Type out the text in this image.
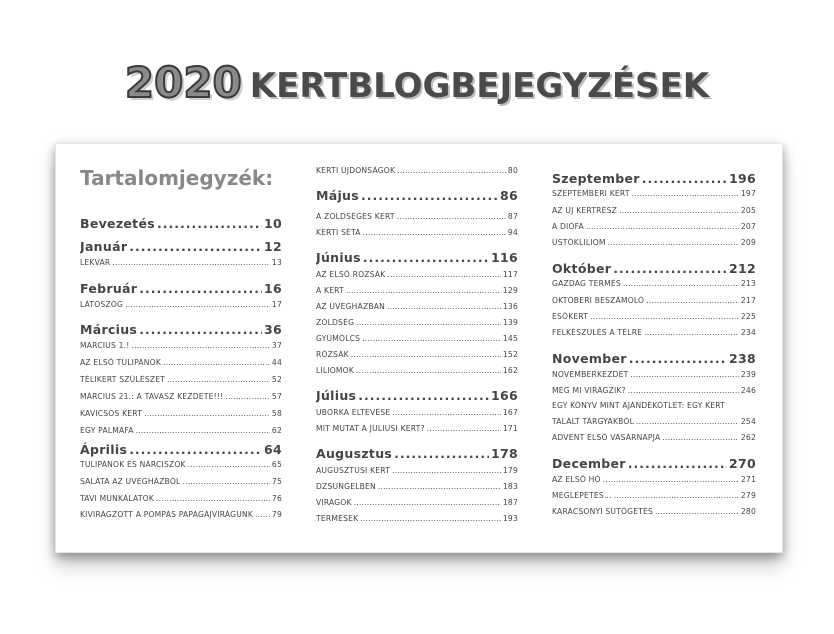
2020 KERTBLOGBEJEGYZÉSEK
Tartalomjegyzék:
Bevezetés .....	10
Január .....	12
LEKVÁR .....	13
Február .....	16
LÁTÓSZÖG .....	17
Március .....	36
MÁRCIUS 1.! .....	37
AZ ELSŐ TULIPÁNOK .....	44
TÉLIKERT SZÜLÉSZET .....	52
MÁRCIUS 21.: A TAVASZ KEZDETE!!! .....	57
KAVICSOS KERT .....	58
EGY PÁLMAFA .....	62
Április .....	64
TULIPÁNOK ÉS NÁRCISZOK .....	65
SALÁTA AZ ÜVEGHÁZBÓL .....	75
TAVI MUNKÁLATOK .....	76
KIVIRÁGZOTT A POMPÁS PAPAGÁJVIRÁGUNK ..... 79
KERTI ÚJDONSÁGOK .....	80
Május .....	86
A ZÖLDSÉGES KERT .....	87
KERTI SÉTA .....	94
Június .....	116
AZ ELSŐ RÓZSÁK .....	117
A KERT .....	129
AZ ÜVEGHÁZBAN .....	136
ZÖLDSÉG .....	139
GYÜMÖLCS .....	145
RÓZSÁK .....	152
LILIOMOK .....	162
Július .....	166
UBORKA ELTEVÉSE .....	167
MIT MUTAT A JÚLIUSI KERT? .....	171
Augusztus .....	178
AUGUSZTUSI KERT .....	179
DZSUNGELBEN .....	183
VIRÁGOK .....	187
TERMÉSEK .....	193
Szeptember .....	196
SZEPTEMBERI KERT .....	197
AZ ÚJ KERTRÉSZ .....	205
A DIÓFA .....	207
ÜSTÖKLILIOM .....	209
Október .....	212
GAZDAG TERMÉS .....	213
OKTÓBERI BESZÁMOLÓ .....	217
ESŐKERT .....	225
FELKÉSZÜLÉS A TÉLRE .....	234
November .....	238
NOVEMBERKEZDET .....	239
MÉG MI VIRÁGZIK? .....	246
EGY KÖNYV MINT AJÁNDÉKÖTLET: EGY KERT
TALÁLT TÁRGYAKBÓL .....	254
ADVENT ELSŐ VASÁRNAPJA .....	262
December .....	270
AZ ELSŐ HÓ .....	271
MEGLEPETÉS... .....	279
KARÁCSONYI SÜTÖGETÉS .....	280
